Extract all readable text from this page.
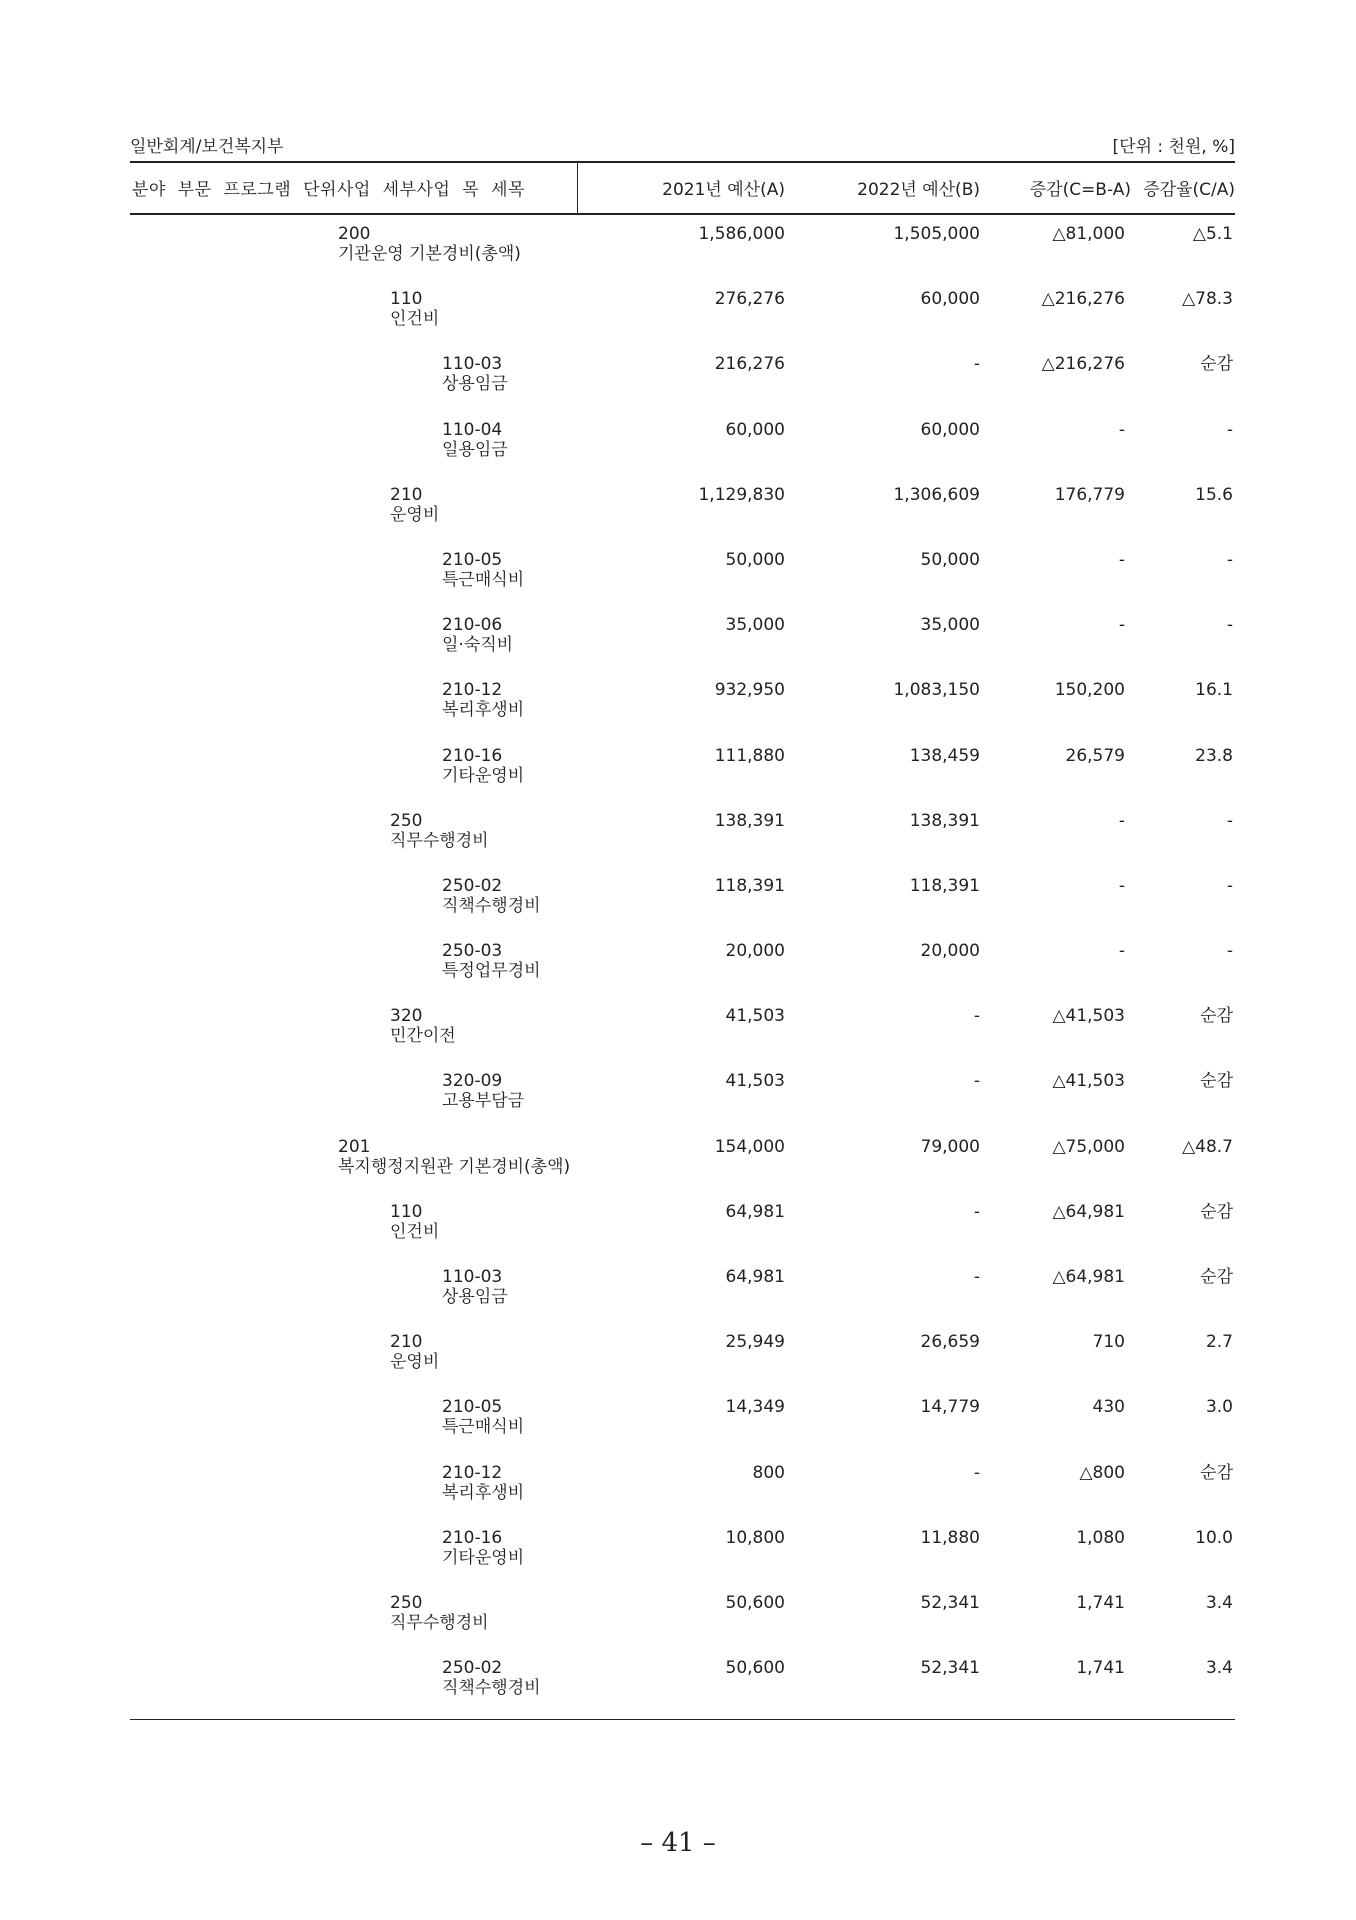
일반회계/보건복지부	[단위 : 천원, %]
분야 부문 프로그램 단위사업 세부사업 목 세목	2021년 예산(A)	2022년 예산(B)	증감(C=B-A) 증감율(C/A)
200
기관운영 기본경비(총액)
1,586,000	1,505,000	△81,000	△5.1
110
인건비
276,276	60,000	△216,276	△78.3
110-03
상용임금
216,276	-	△216,276	순감
110-04
일용임금
60,000	60,000	-	-
210
운영비
1,129,830	1,306,609	176,779	15.6
210-05
특근매식비
50,000	50,000	-	-
210-06
일·숙직비
35,000	35,000	-	-
210-12
복리후생비
932,950	1,083,150	150,200	16.1
210-16
기타운영비
111,880	138,459	26,579	23.8
250
직무수행경비
138,391	138,391	-	-
250-02
직책수행경비
118,391	118,391	-	-
250-03
특정업무경비
20,000	20,000	-	-
320
민간이전
41,503	-	△41,503	순감
320-09
고용부담금
41,503	-	△41,503	순감
201
복지행정지원관 기본경비(총액)
154,000	79,000	△75,000	△48.7
110
인건비
64,981	-	△64,981	순감
110-03
상용임금
64,981	-	△64,981	순감
210
운영비
25,949	26,659	710	2.7
210-05
특근매식비
14,349	14,779	430	3.0
210-12
복리후생비
800	-	△800	순감
210-16
기타운영비
10,800	11,880	1,080	10.0
250
직무수행경비
50,600	52,341	1,741	3.4
250-02
직책수행경비
50,600	52,341	1,741	3.4
– 41 –
